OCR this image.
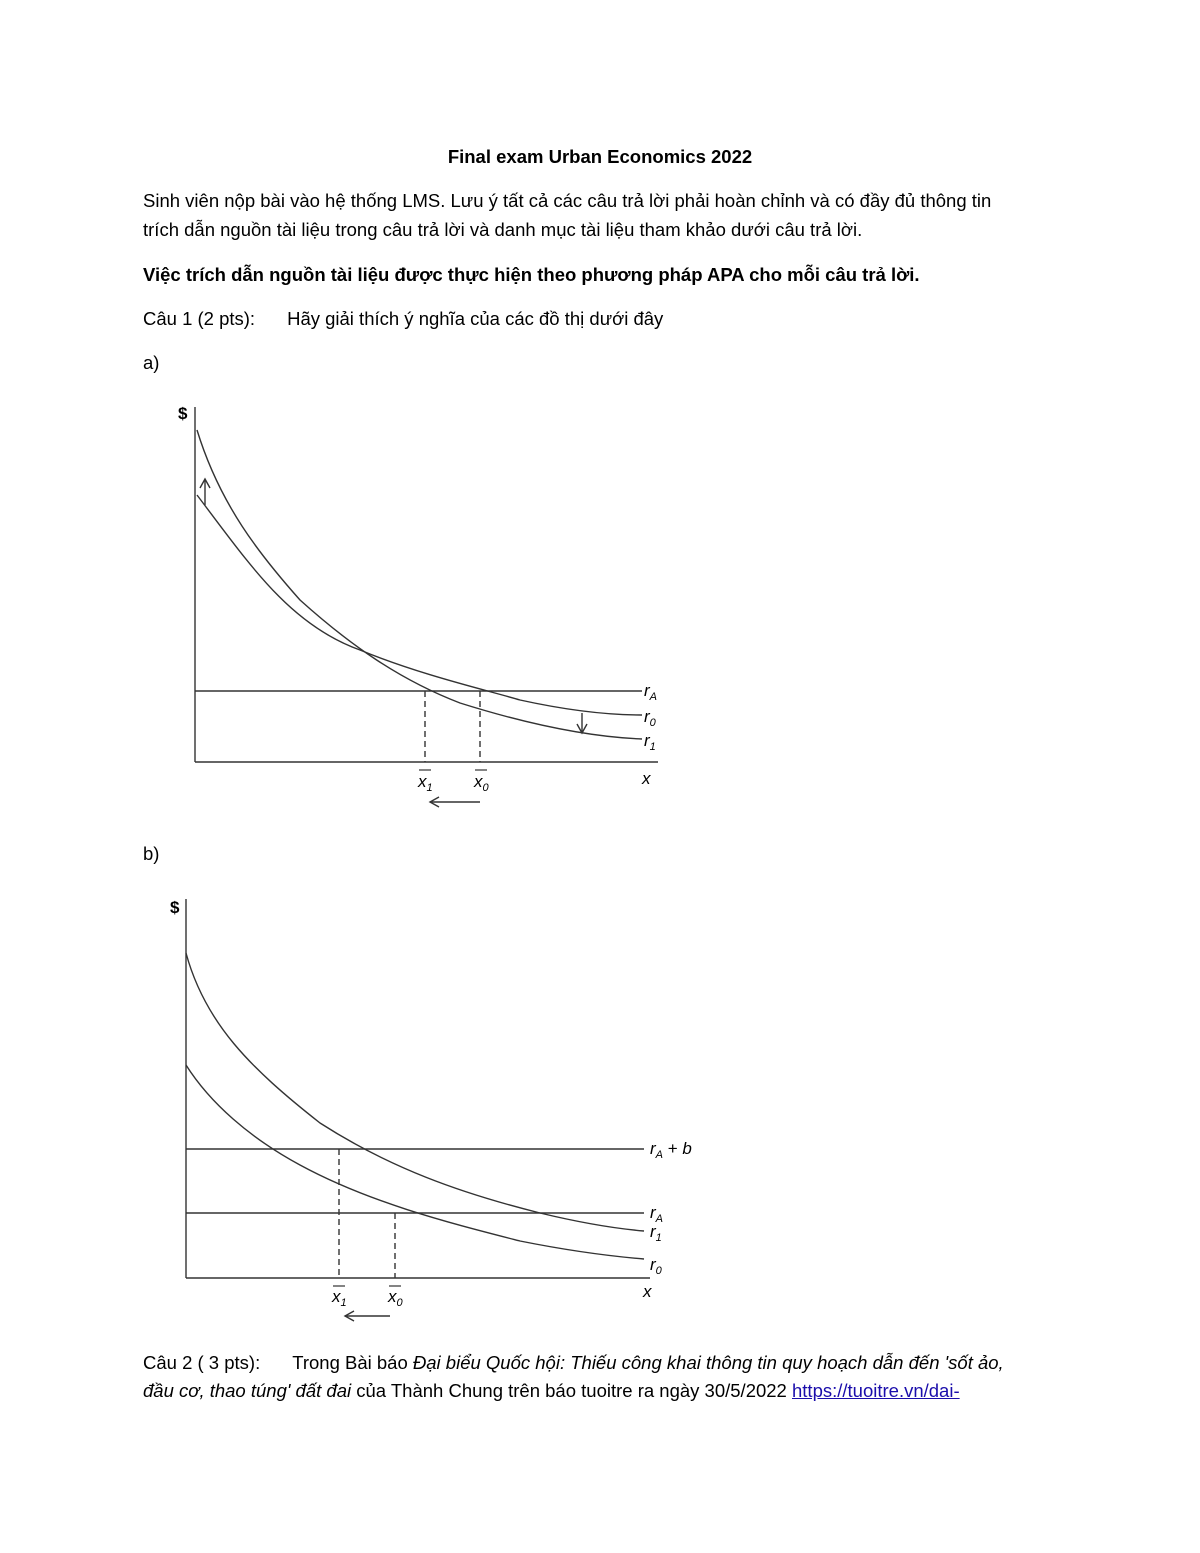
Final exam Urban Economics 2022
Sinh viên nộp bài vào hệ thống LMS. Lưu ý tất cả các câu trả lời phải hoàn chỉnh và có đầy đủ thông tin
trích dẫn nguồn tài liệu trong câu trả lời và danh mục tài liệu tham khảo dưới câu trả lời.
Việc trích dẫn nguồn tài liệu được thực hiện theo phương pháp APA cho mỗi câu trả lời.
Câu 1 (2 pts): Hãy giải thích ý nghĩa của các đồ thị dưới đây
a)
$
x
$r_A$
$r_0$
$r_1$
$x_1$ $x_0$
b)
$
x
$r_A + b$
$r_A$
$r_1$
$r_0$
$x_1$ $x_0$
Câu 2 ( 3 pts): Trong Bài báo Đại biểu Quốc hội: Thiếu công khai thông tin quy hoạch dẫn đến 'sốt ảo,
đầu cơ, thao túng' đất đai của Thành Chung trên báo tuoitre ra ngày 30/5/2022 https://tuoitre.vn/dai-
